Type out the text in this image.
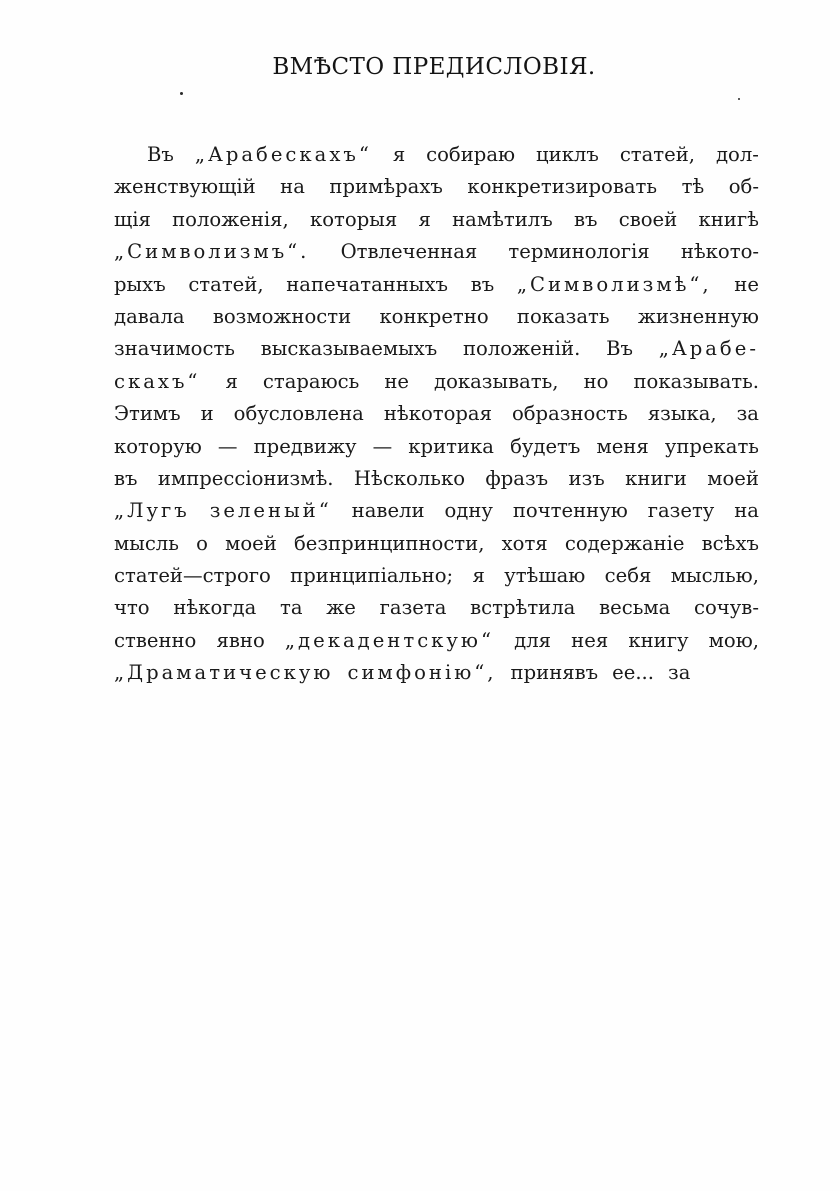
ВМѢСТО ПРЕДИСЛОВІЯ.
Въ „Арабескахъ“ я собираю циклъ статей, дол-
женствующій на примѣрахъ конкретизировать тѣ об-
щія положенія, которыя я намѣтилъ въ своей книгѣ
„Символизмъ“. Отвлеченная терминологія нѣкото-
рыхъ статей, напечатанныхъ въ „Символизмѣ“, не
давала возможности конкретно показать жизненную
значимость высказываемыхъ положеній. Въ „Арабе-
скахъ“ я стараюсь не доказывать, но показывать.
Этимъ и обусловлена нѣкоторая образность языка, за
которую — предвижу — критика будетъ меня упрекать
въ импрессіонизмѣ. Нѣсколько фразъ изъ книги моей
„Лугъ зеленый“ навели одну почтенную газету на
мысль о моей безпринципности, хотя содержаніе всѣхъ
статей—строго принципіально; я утѣшаю себя мыслью,
что нѣкогда та же газета встрѣтила весьма сочув-
ственно явно „декадентскую“ для нея книгу мою,
„Драматическую симфонію“, принявъ ее... за
